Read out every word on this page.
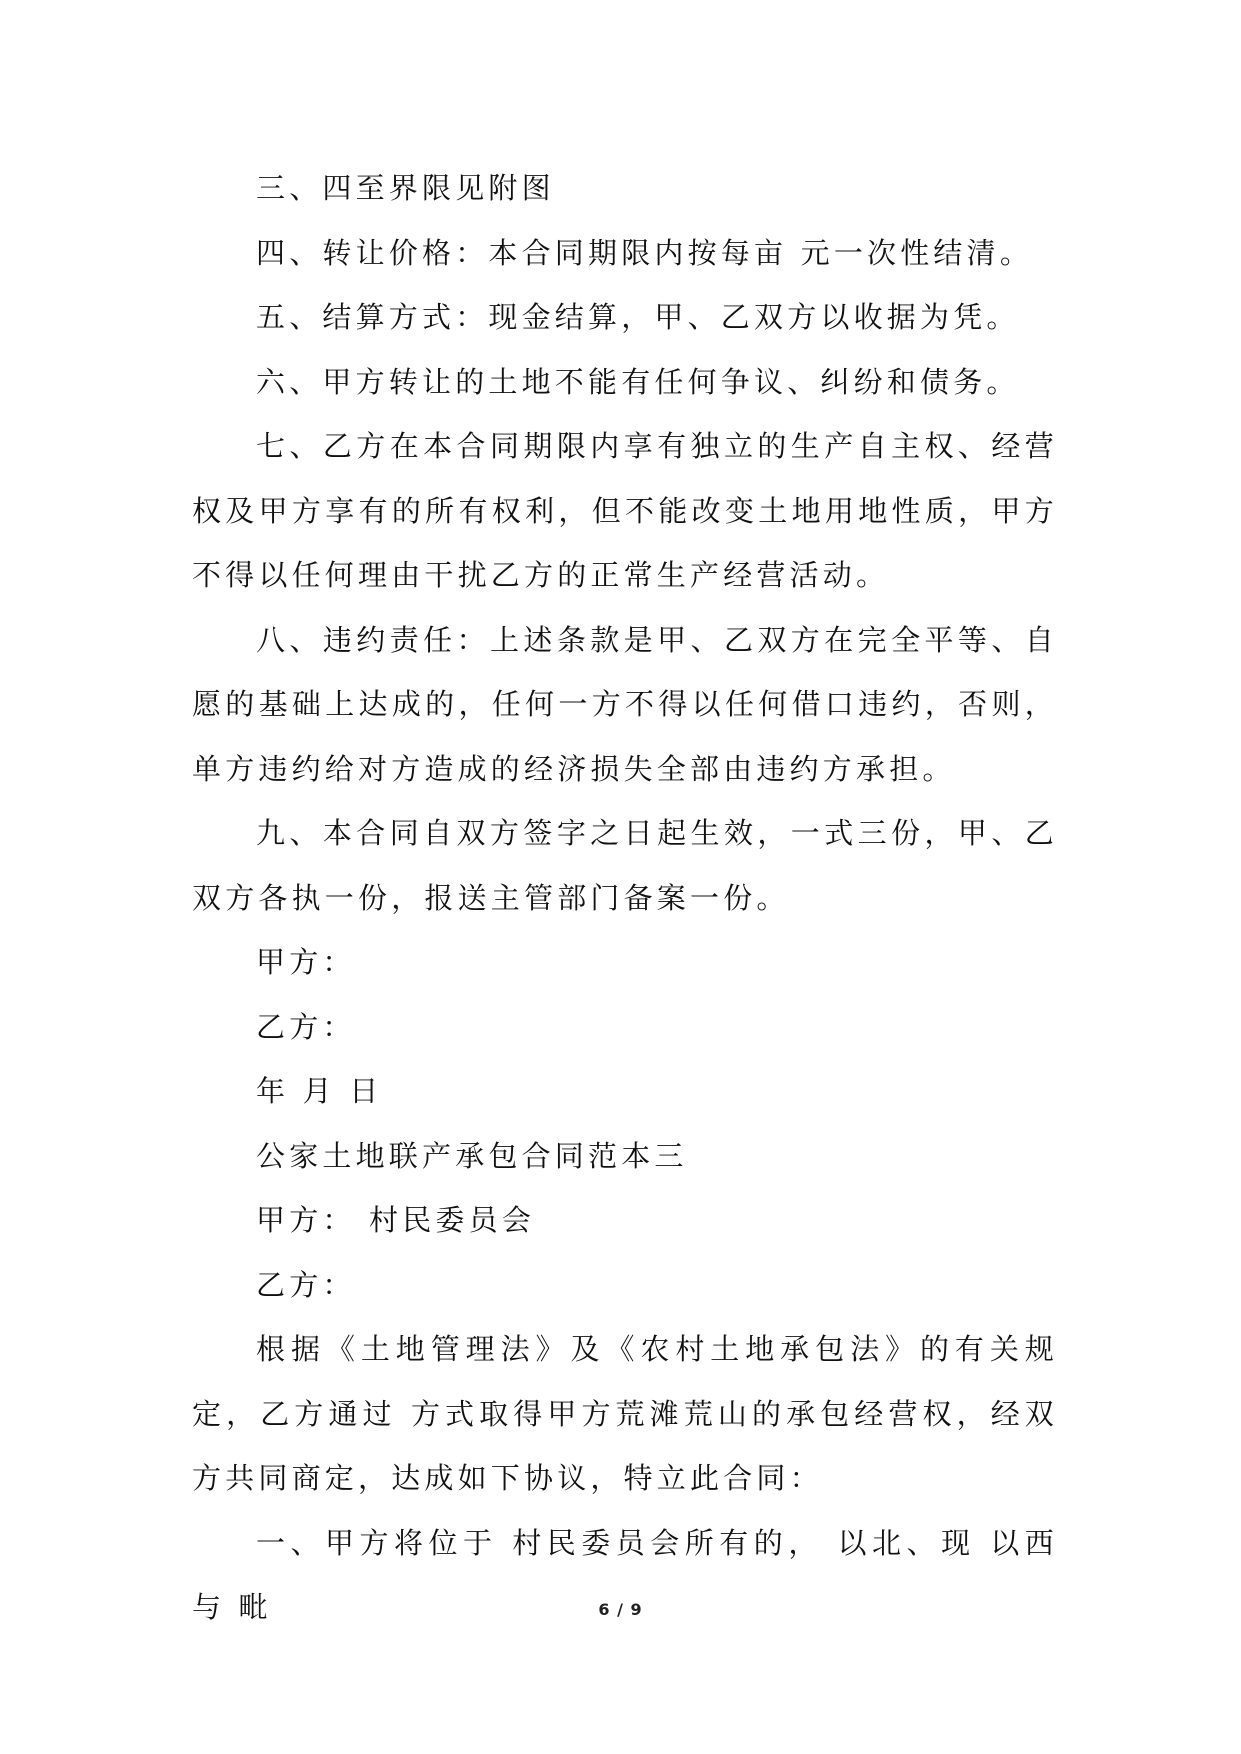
三、四至界限见附图

四、转让价格：本合同期限内按每亩 元一次性结清。

五、结算方式：现金结算，甲、乙双方以收据为凭。

六、甲方转让的土地不能有任何争议、纠纷和债务。

七、乙方在本合同期限内享有独立的生产自主权、经营权及甲方享有的所有权利，但不能改变土地用地性质，甲方不得以任何理由干扰乙方的正常生产经营活动。

八、违约责任：上述条款是甲、乙双方在完全平等、自愿的基础上达成的，任何一方不得以任何借口违约，否则，单方违约给对方造成的经济损失全部由违约方承担。

九、本合同自双方签字之日起生效，一式三份，甲、乙双方各执一份，报送主管部门备案一份。

甲方：

乙方：

年 月 日

公家土地联产承包合同范本三

甲方： 村民委员会

乙方：

根据《土地管理法》及《农村土地承包法》的有关规定，乙方通过 方式取得甲方荒滩荒山的承包经营权，经双方共同商定，达成如下协议，特立此合同：

一、甲方将位于 村民委员会所有的， 以北、现 以西与 毗	6 / 9
